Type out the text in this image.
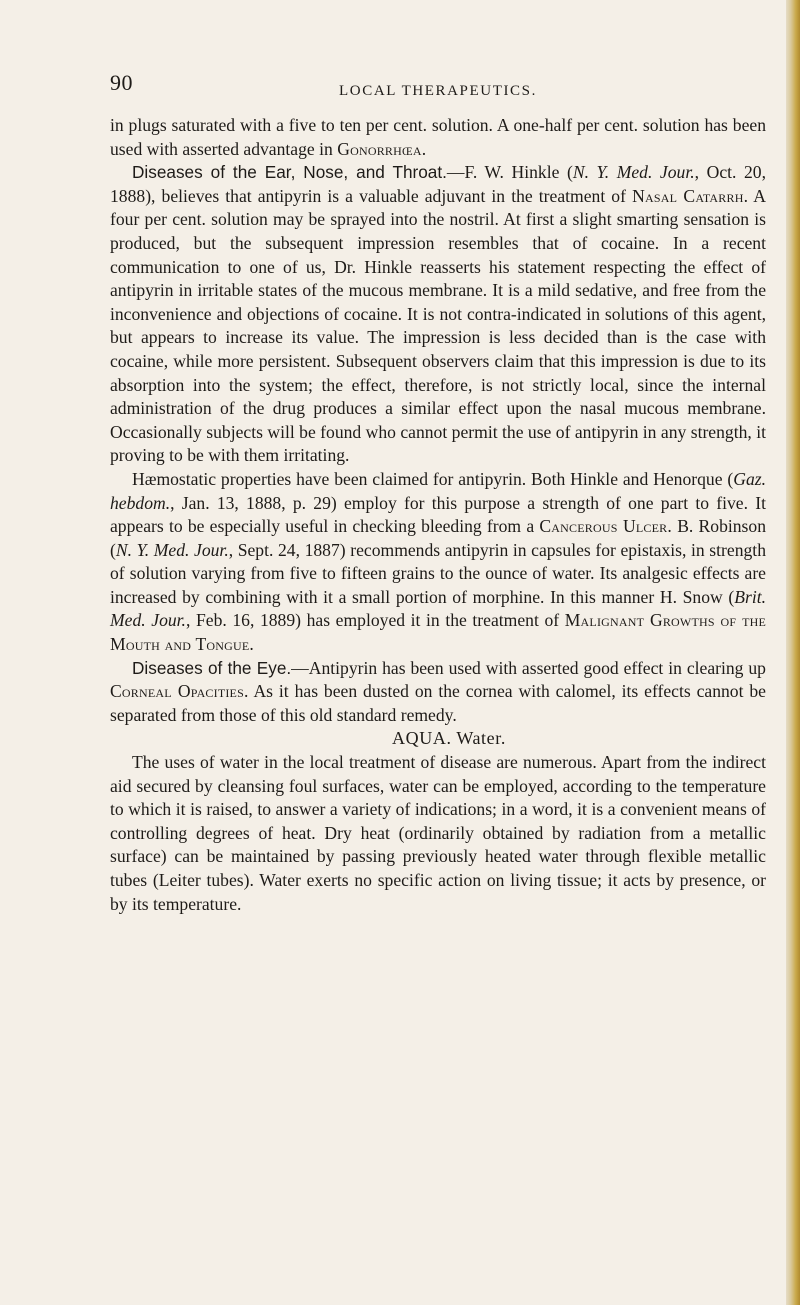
90	LOCAL THERAPEUTICS.

in plugs saturated with a five to ten per cent. solution. A one-half per cent. solution has been used with asserted advantage in Gonorrhœa.

Diseases of the Ear, Nose, and Throat.—F. W. Hinkle (N. Y. Med. Jour., Oct. 20, 1888), believes that antipyrin is a valuable adjuvant in the treatment of Nasal Catarrh. A four per cent. solution may be sprayed into the nostril. At first a slight smarting sensation is produced, but the subsequent impression resembles that of cocaine. In a recent communication to one of us, Dr. Hinkle reasserts his statement respecting the effect of antipyrin in irritable states of the mucous membrane. It is a mild sedative, and free from the inconvenience and objections of cocaine. It is not contra-indicated in solutions of this agent, but appears to increase its value. The impression is less decided than is the case with cocaine, while more persistent. Subsequent observers claim that this impression is due to its absorption into the system; the effect, therefore, is not strictly local, since the internal administration of the drug produces a similar effect upon the nasal mucous membrane. Occasionally subjects will be found who cannot permit the use of antipyrin in any strength, it proving to be with them irritating.

Hæmostatic properties have been claimed for antipyrin. Both Hinkle and Henorque (Gaz. hebdom., Jan. 13, 1888, p. 29) employ for this purpose a strength of one part to five. It appears to be especially useful in checking bleeding from a Cancerous Ulcer. B. Robinson (N. Y. Med. Jour., Sept. 24, 1887) recommends antipyrin in capsules for epistaxis, in strength of solution varying from five to fifteen grains to the ounce of water. Its analgesic effects are increased by combining with it a small portion of morphine. In this manner H. Snow (Brit. Med. Jour., Feb. 16, 1889) has employed it in the treatment of Malignant Growths of the Mouth and Tongue.

Diseases of the Eye.—Antipyrin has been used with asserted good effect in clearing up Corneal Opacities. As it has been dusted on the cornea with calomel, its effects cannot be separated from those of this old standard remedy.

AQUA. Water.

The uses of water in the local treatment of disease are numerous. Apart from the indirect aid secured by cleansing foul surfaces, water can be employed, according to the temperature to which it is raised, to answer a variety of indications; in a word, it is a convenient means of controlling degrees of heat. Dry heat (ordinarily obtained by radiation from a metallic surface) can be maintained by passing previously heated water through flexible metallic tubes (Leiter tubes). Water exerts no specific action on living tissue; it acts by presence, or by its temperature.
